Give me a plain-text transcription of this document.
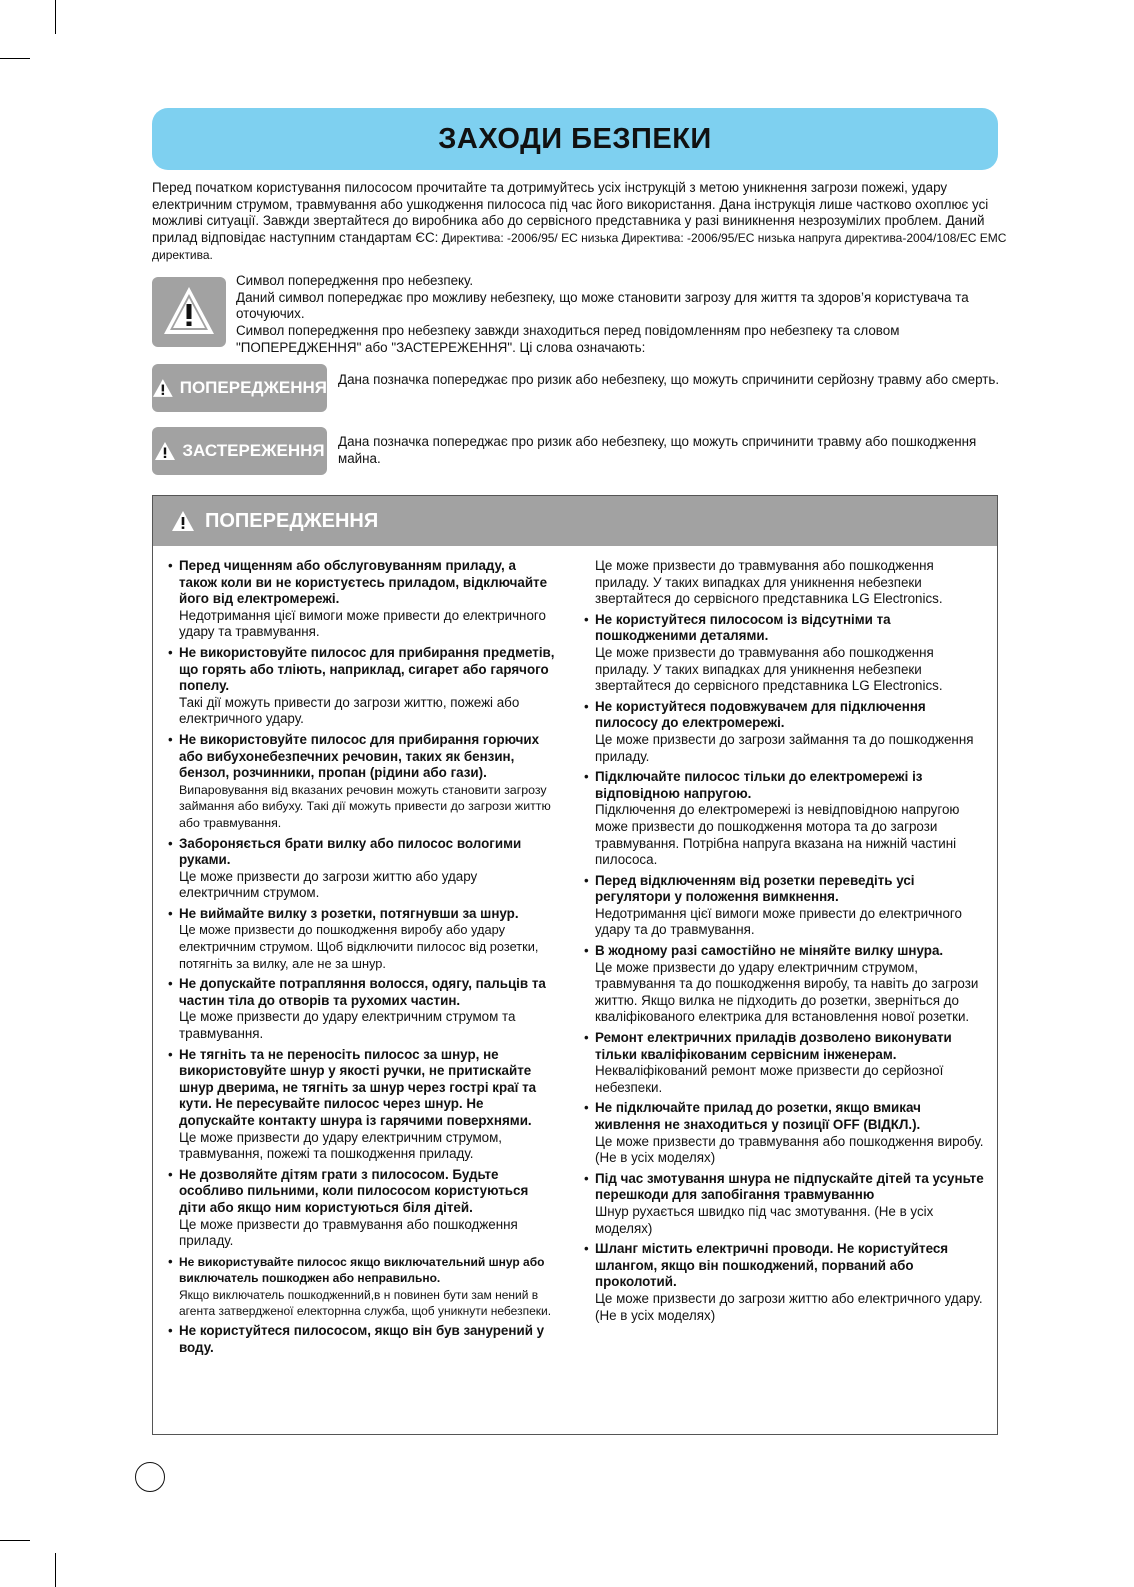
ЗАХОДИ БЕЗПЕКИ

Перед початком користування пилососом прочитайте та дотримуйтесь усіх інструкцій з метою уникнення загрози пожежі, удару електричним струмом, травмування або ушкодження пилососа під час його використання. Дана інструкція лише частково охоплює усі можливі ситуації. Завжди звертайтеся до виробника або до сервісного представника у разі виникнення незрозумілих проблем. Даний прилад відповідає наступним стандартам ЄС: Директива: -2006/95/ ЕС низька Директива: -2006/95/ЕС низька напруга директива-2004/108/ЕС ЕМС директива.

Символ попередження про небезпеку.
Даний символ попереджає про можливу небезпеку, що може становити загрозу для життя та здоров’я користувача та оточуючих.
Символ попередження про небезпеку завжди знаходиться перед повідомленням про небезпеку та словом "ПОПЕРЕДЖЕННЯ" або "ЗАСТЕРЕЖЕННЯ". Ці слова означають:
ПОПЕРЕДЖЕННЯ Дана позначка попереджає про ризик або небезпеку, що можуть спричинити серйозну травму або смерть.

ЗАСТЕРЕЖЕННЯ Дана позначка попереджає про ризик або небезпеку, що можуть спричинити травму або пошкодження майна.

ПОПЕРЕДЖЕННЯ
• Перед чищенням або обслуговуванням приладу, а також коли ви не користуєтесь приладом, відключайте його від електромережі.
Недотримання цієї вимоги може привести до електричного удару та травмування.
• Не використовуйте пилосос для прибирання предметів, що горять або тліють, наприклад, сигарет або гарячого попелу.
Такі дії можуть привести до загрози життю, пожежі або електричного удару.
• Не використовуйте пилосос для прибирання горючих або вибухонебезпечних речовин, таких як бензин, бензол, розчинники, пропан (рідини або гази).
Випаровування від вказаних речовин можуть становити загрозу займання або вибуху. Такі дії можуть привести до загрози життю або травмування.
• Забороняється брати вилку або пилосос вологими руками.
Це може призвести до загрози життю або удару електричним струмом.
• Не виймайте вилку з розетки, потягнувши за шнур.
Це може призвести до пошкодження виробу або удару електричним струмом. Щоб відключити пилосос від розетки, потягніть за вилку, але не за шнур.
• Не допускайте потрапляння волосся, одягу, пальців та частин тіла до отворів та рухомих частин.
Це може призвести до удару електричним струмом та травмування.
• Не тягніть та не переносіть пилосос за шнур, не використовуйте шнур у якості ручки, не притискайте шнур дверима, не тягніть за шнур через гострі краї та кути. Не пересувайте пилосос через шнур. Не допускайте контакту шнура із гарячими поверхнями.
Це може призвести до удару електричним струмом, травмування, пожежі та пошкодження приладу.
• Не дозволяйте дітям грати з пилососом. Будьте особливо пильними, коли пилососом користуються діти або якщо ним користуються біля дітей.
Це може призвести до травмування або пошкодження приладу.
• Не використувайте пилосос якщо виключательний шнур або виключатель пошкоджен або неправильно.
Якщо виключатель пошкодженний,в н повинен бути зам нений в агента затвердженої електорнна служба, щоб уникнути небезпеки.
• Не користуйтеся пилососом, якщо він був занурений у воду.
Це може призвести до травмування або пошкодження приладу. У таких випадках для уникнення небезпеки звертайтеся до сервісного представника LG Electronics.
• Не користуйтеся пилососом із відсутніми та пошкодженими деталями.
Це може призвести до травмування або пошкодження приладу. У таких випадках для уникнення небезпеки звертайтеся до сервісного представника LG Electronics.
• Не користуйтеся подовжувачем для підключення пилососу до електромережі.
Це може призвести до загрози займання та до пошкодження приладу.
• Підключайте пилосос тільки до електромережі із відповідною напругою.
Підключення до електромережі із невідповідною напругою може призвести до пошкодження мотора та до загрози травмування. Потрібна напруга вказана на нижній частині пилососа.
• Перед відключенням від розетки переведіть усі регулятори у положення вимкнення.
Недотримання цієї вимоги може привести до електричного удару та до травмування.
• В жодному разі самостійно не міняйте вилку шнура.
Це може призвести до удару електричним струмом, травмування та до пошкодження виробу, та навіть до загрози життю. Якщо вилка не підходить до розетки, зверніться до кваліфікованого електрика для встановлення нової розетки.
• Ремонт електричних приладів дозволено виконувати тільки кваліфікованим сервісним інженерам.
Некваліфікований ремонт може призвести до серйозної небезпеки.
• Не підключайте прилад до розетки, якщо вмикач живлення не знаходиться у позиції OFF (ВІДКЛ.).
Це може призвести до травмування або пошкодження виробу.(Не в усіх моделях)
• Під час змотування шнура не підпускайте дітей та усуньте перешкоди для запобігання травмуванню
Шнур рухається швидко під час змотування. (Не в усіх моделях)
• Шланг містить електричні проводи. Не користуйтеся шлангом, якщо він пошкоджений, порваний або проколотий.
Це може призвести до загрози життю або електричного удару.(Не в усіх моделях)
